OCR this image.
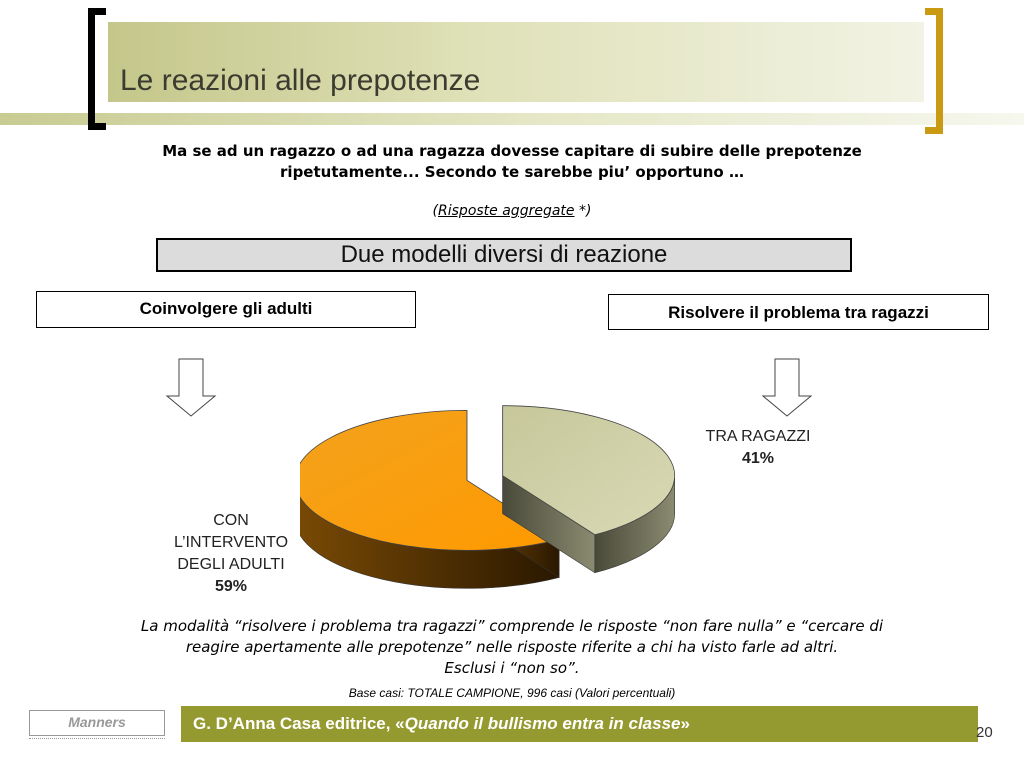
Le reazioni alle prepotenze
Ma se ad un ragazzo o ad una ragazza dovesse capitare di subire delle prepotenze
ripetutamente... Secondo te sarebbe piu’ opportuno …
(Risposte aggregate *)
Due modelli diversi di reazione
Coinvolgere gli adulti	Risolvere il problema tra ragazzi
TRA RAGAZZI
41%
CON
L’INTERVENTO
DEGLI ADULTI
59%
La modalità “risolvere i problema tra ragazzi” comprende le risposte “non fare nulla” e “cercare di
reagire apertamente alle prepotenze” nelle risposte riferite a chi ha visto farle ad altri.
Esclusi i “non so”.
Base casi: TOTALE CAMPIONE, 996 casi (Valori percentuali)
Manners	G. D’Anna Casa editrice, «Quando il bullismo entra in classe»	20
